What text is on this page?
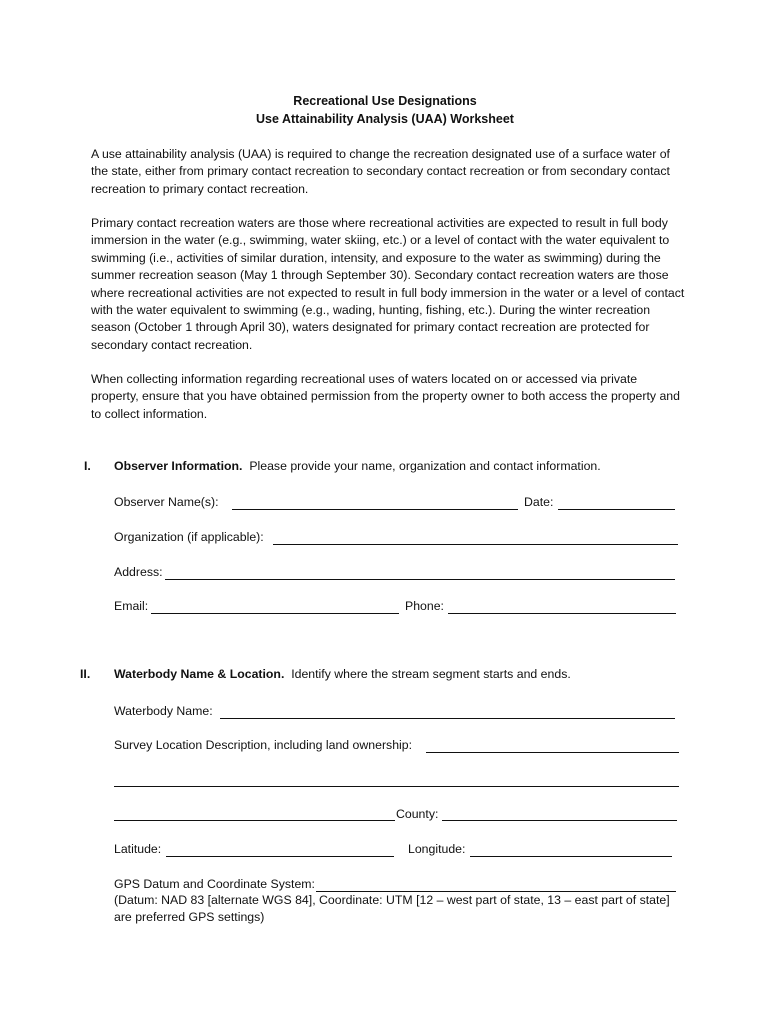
Recreational Use Designations
Use Attainability Analysis (UAA) Worksheet

A use attainability analysis (UAA) is required to change the recreation designated use of a surface water of the state, either from primary contact recreation to secondary contact recreation or from secondary contact recreation to primary contact recreation.

Primary contact recreation waters are those where recreational activities are expected to result in full body immersion in the water (e.g., swimming, water skiing, etc.) or a level of contact with the water equivalent to swimming (i.e., activities of similar duration, intensity, and exposure to the water as swimming) during the summer recreation season (May 1 through September 30). Secondary contact recreation waters are those where recreational activities are not expected to result in full body immersion in the water or a level of contact with the water equivalent to swimming (e.g., wading, hunting, fishing, etc.). During the winter recreation season (October 1 through April 30), waters designated for primary contact recreation are protected for secondary contact recreation.

When collecting information regarding recreational uses of waters located on or accessed via private property, ensure that you have obtained permission from the property owner to both access the property and to collect information.

I. Observer Information. Please provide your name, organization and contact information.
Observer Name(s):	Date:
Organization (if applicable):
Address:
Email:	Phone:
II. Waterbody Name & Location. Identify where the stream segment starts and ends.
Waterbody Name:
Survey Location Description, including land ownership:
County:
Latitude:	Longitude:
GPS Datum and Coordinate System:

(Datum: NAD 83 [alternate WGS 84], Coordinate: UTM [12 – west part of state, 13 – east part of state] are preferred GPS settings)
